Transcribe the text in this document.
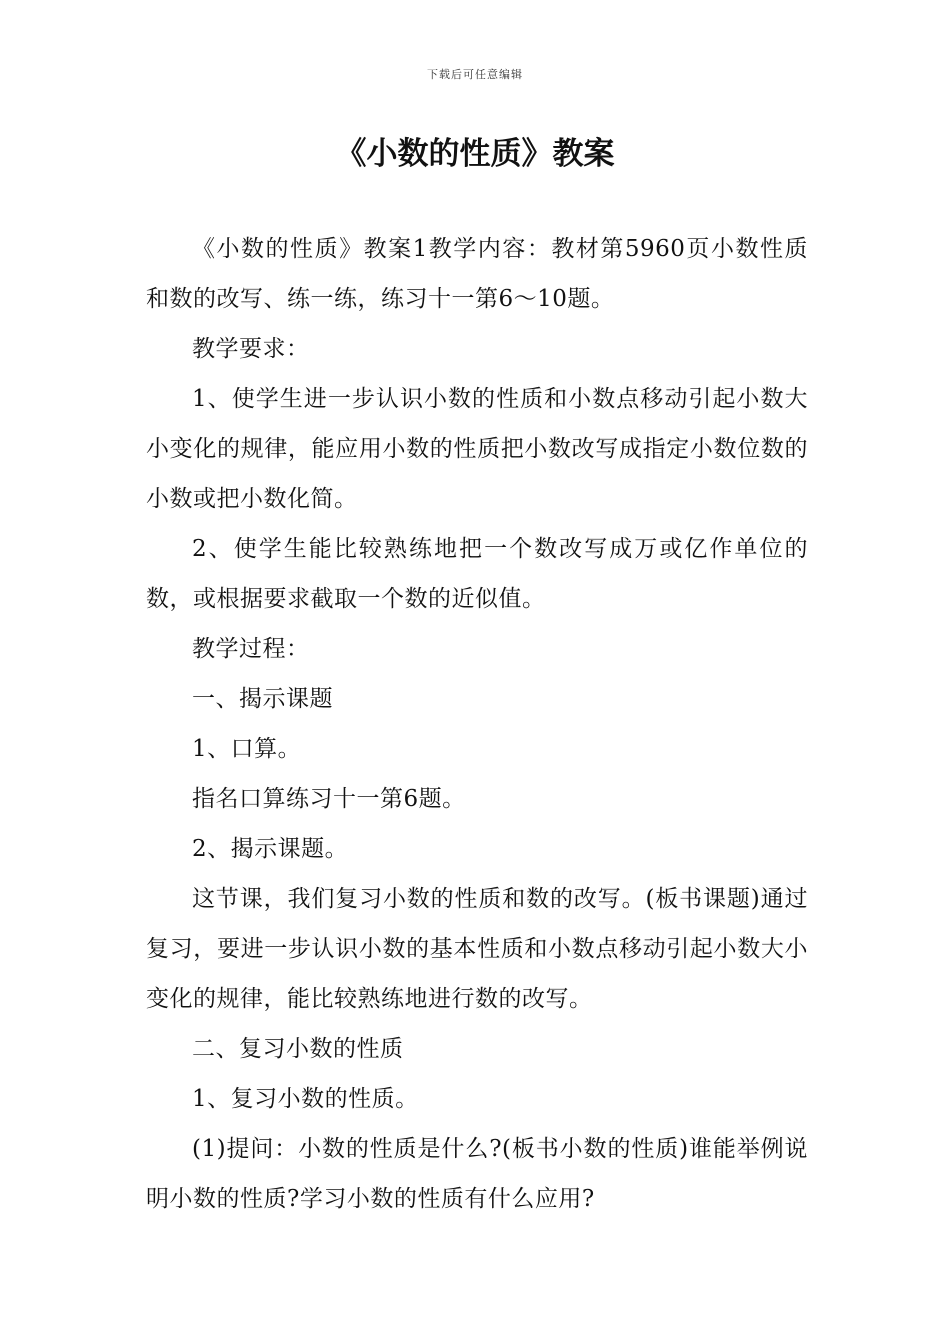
下载后可任意编辑
《小数的性质》教案

《小数的性质》教案1教学内容：教材第5960页小数性质和数的改写、练一练，练习十一第6～10题。

教学要求：

1、使学生进一步认识小数的性质和小数点移动引起小数大小变化的规律，能应用小数的性质把小数改写成指定小数位数的小数或把小数化简。

2、使学生能比较熟练地把一个数改写成万或亿作单位的数，或根据要求截取一个数的近似值。

教学过程：

一、揭示课题

1、口算。

指名口算练习十一第6题。

2、揭示课题。

这节课，我们复习小数的性质和数的改写。(板书课题)通过复习，要进一步认识小数的基本性质和小数点移动引起小数大小变化的规律，能比较熟练地进行数的改写。

二、复习小数的性质

1、复习小数的性质。

(1)提问：小数的性质是什么?(板书小数的性质)谁能举例说明小数的性质?学习小数的性质有什么应用?
